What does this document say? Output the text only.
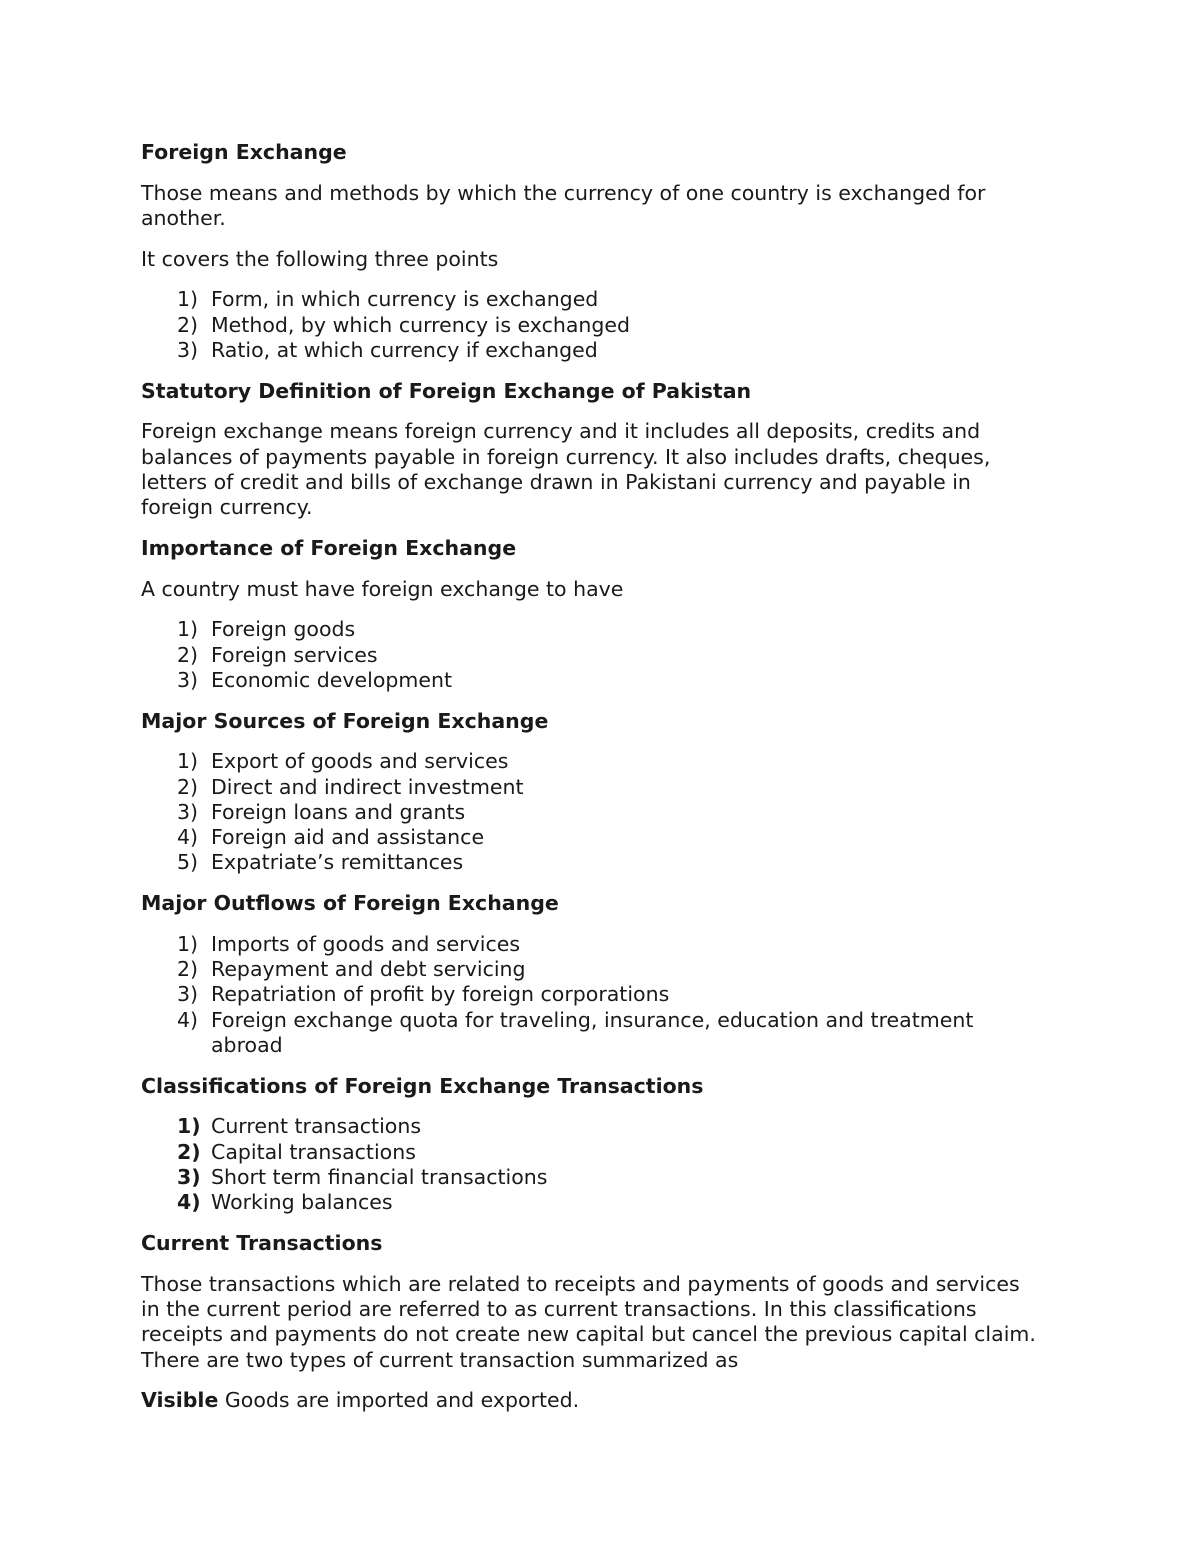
Foreign Exchange

Those means and methods by which the currency of one country is exchanged for another.

It covers the following three points

1) Form, in which currency is exchanged
2) Method, by which currency is exchanged
3) Ratio, at which currency if exchanged
Statutory Definition of Foreign Exchange of Pakistan

Foreign exchange means foreign currency and it includes all deposits, credits and balances of payments payable in foreign currency. It also includes drafts, cheques, letters of credit and bills of exchange drawn in Pakistani currency and payable in foreign currency.

Importance of Foreign Exchange

A country must have foreign exchange to have

1) Foreign goods
2) Foreign services
3) Economic development
Major Sources of Foreign Exchange
1) Export of goods and services
2) Direct and indirect investment
3) Foreign loans and grants
4) Foreign aid and assistance
5) Expatriate’s remittances
Major Outflows of Foreign Exchange
1) Imports of goods and services
2) Repayment and debt servicing
3) Repatriation of profit by foreign corporations
4) Foreign exchange quota for traveling, insurance, education and treatment abroad
Classifications of Foreign Exchange Transactions
1) Current transactions
2) Capital transactions
3) Short term financial transactions
4) Working balances
Current Transactions

Those transactions which are related to receipts and payments of goods and services in the current period are referred to as current transactions. In this classifications receipts and payments do not create new capital but cancel the previous capital claim. There are two types of current transaction summarized as

Visible Goods are imported and exported.
